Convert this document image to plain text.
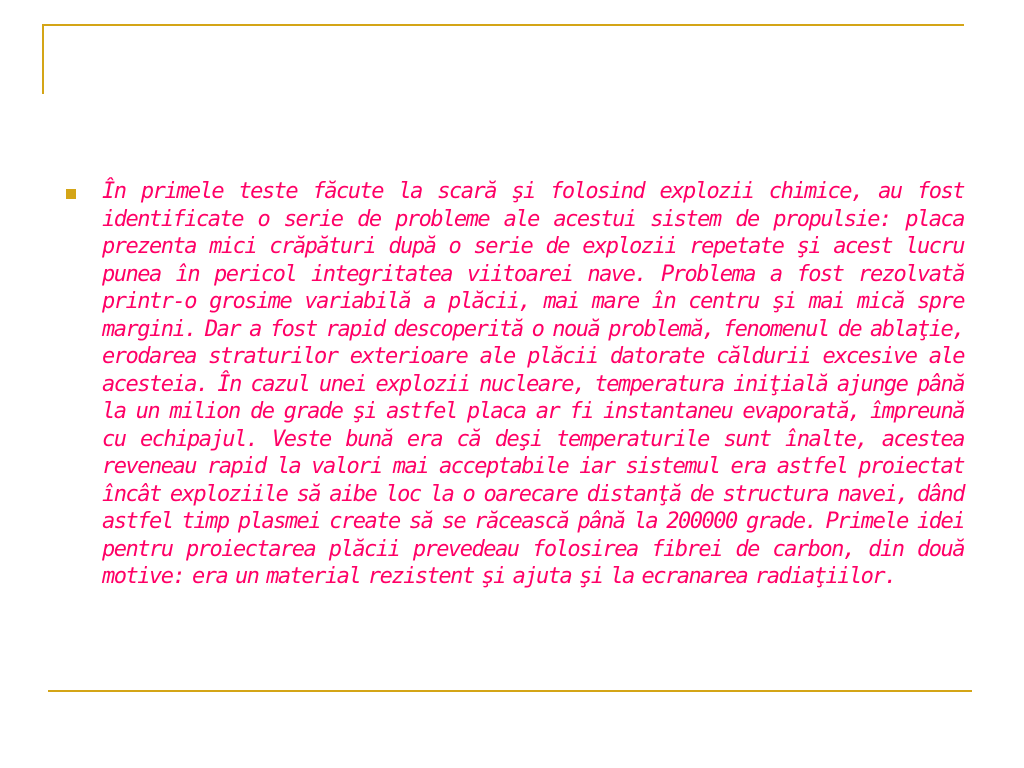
În primele teste făcute la scară şi folosind explozii chimice, au fost identificate o serie de probleme ale acestui sistem de propulsie: placa prezenta mici crăpături după o serie de explozii repetate şi acest lucru punea în pericol integritatea viitoarei nave. Problema a fost rezolvată printr-o grosime variabilă a plăcii, mai mare în centru şi mai mică spre margini. Dar a fost rapid descoperită o nouă problemă, fenomenul de ablaţie, erodarea straturilor exterioare ale plăcii datorate căldurii excesive ale acesteia. În cazul unei explozii nucleare, temperatura iniţială ajunge până la un milion de grade şi astfel placa ar fi instantaneu evaporată, împreună cu echipajul. Veste bună era că deşi temperaturile sunt înalte, acestea reveneau rapid la valori mai acceptabile iar sistemul era astfel proiectat încât exploziile să aibe loc la o oarecare distanţă de structura navei, dând astfel timp plasmei create să se răcească până la 200000 grade. Primele idei pentru proiectarea plăcii prevedeau folosirea fibrei de carbon, din două motive: era un material rezistent şi ajuta şi la ecranarea radiaţiilor.
